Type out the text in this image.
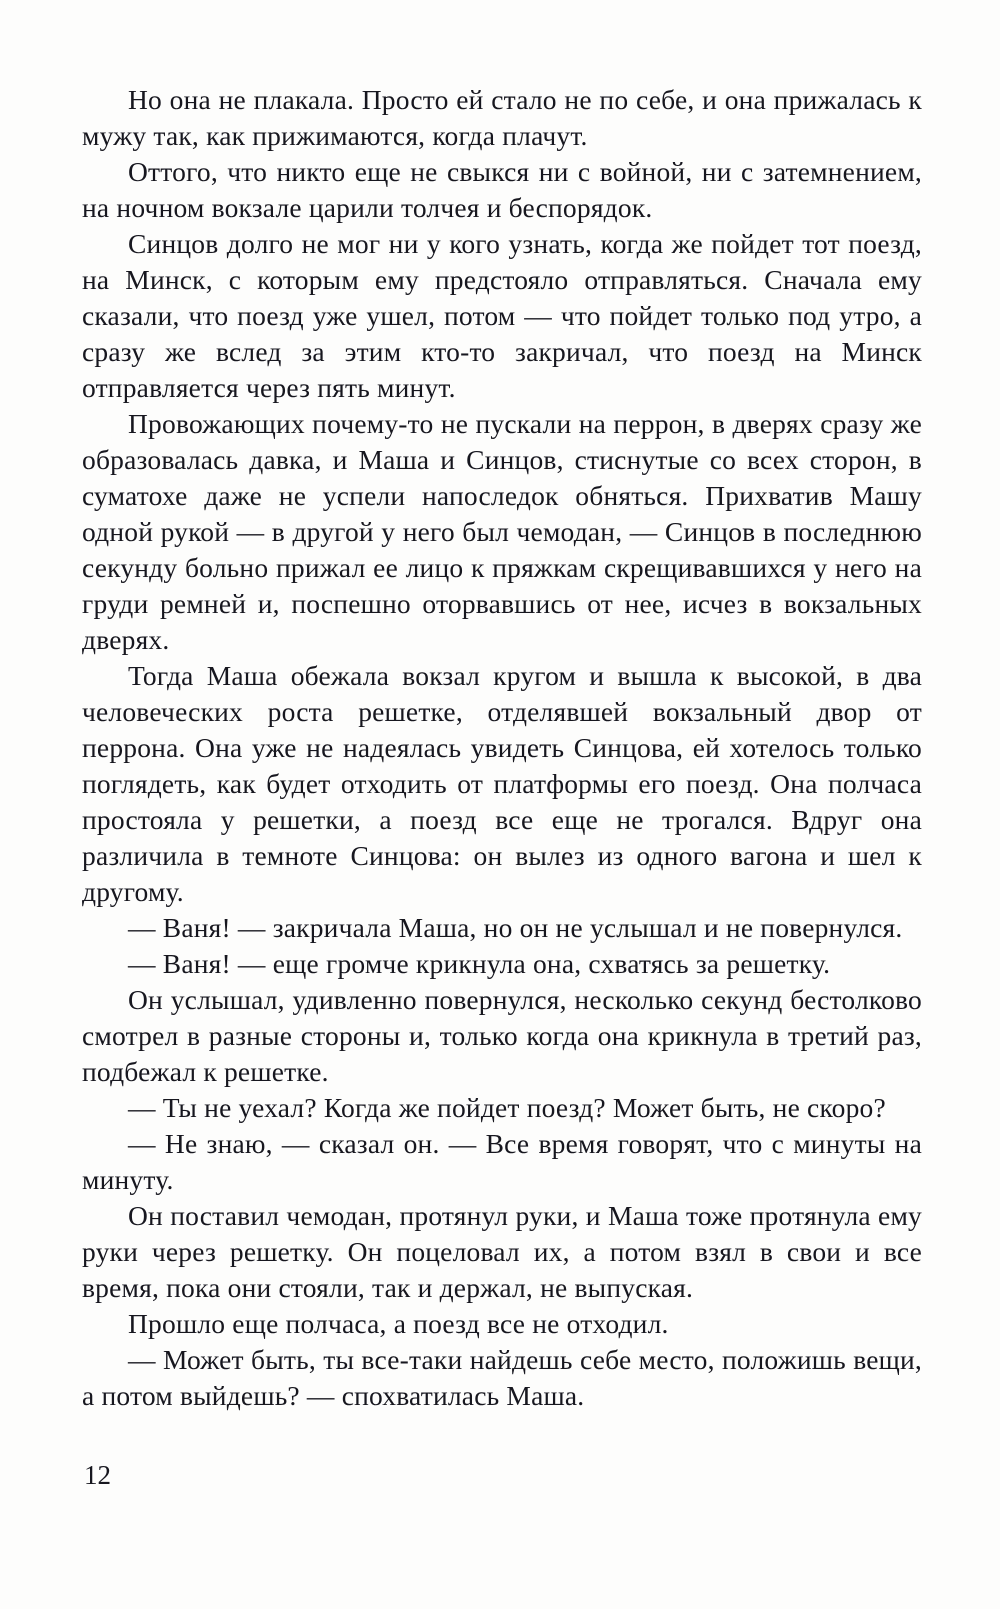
Но она не плакала. Просто ей стало не по себе, и она прижалась к мужу так, как прижимаются, когда плачут.

Оттого, что никто еще не свыкся ни с войной, ни с затемнением, на ночном вокзале царили толчея и беспорядок.

Синцов долго не мог ни у кого узнать, когда же пойдет тот поезд, на Минск, с которым ему предстояло отправляться. Сначала ему сказали, что поезд уже ушел, потом — что пойдет только под утро, а сразу же вслед за этим кто-то закричал, что поезд на Минск отправляется через пять минут.

Провожающих почему-то не пускали на перрон, в дверях сразу же образовалась давка, и Маша и Синцов, стиснутые со всех сторон, в суматохе даже не успели напоследок обняться. Прихватив Машу одной рукой — в другой у него был чемодан, — Синцов в последнюю секунду больно прижал ее лицо к пряжкам скрещивавшихся у него на груди ремней и, поспешно оторвавшись от нее, исчез в вокзальных дверях.

Тогда Маша обежала вокзал кругом и вышла к высокой, в два человеческих роста решетке, отделявшей вокзальный двор от перрона. Она уже не надеялась увидеть Синцова, ей хотелось только поглядеть, как будет отходить от платформы его поезд. Она полчаса простояла у решетки, а поезд все еще не трогался. Вдруг она различила в темноте Синцова: он вылез из одного вагона и шел к другому.

— Ваня! — закричала Маша, но он не услышал и не повернулся.

— Ваня! — еще громче крикнула она, схватясь за решетку.

Он услышал, удивленно повернулся, несколько секунд бестолково смотрел в разные стороны и, только когда она крикнула в третий раз, подбежал к решетке.

— Ты не уехал? Когда же пойдет поезд? Может быть, не скоро?

— Не знаю, — сказал он. — Все время говорят, что с минуты на минуту.

Он поставил чемодан, протянул руки, и Маша тоже протянула ему руки через решетку. Он поцеловал их, а потом взял в свои и все время, пока они стояли, так и держал, не выпуская.

Прошло еще полчаса, а поезд все не отходил.

— Может быть, ты все-таки найдешь себе место, положишь вещи, а потом выйдешь? — спохватилась Маша.

12
